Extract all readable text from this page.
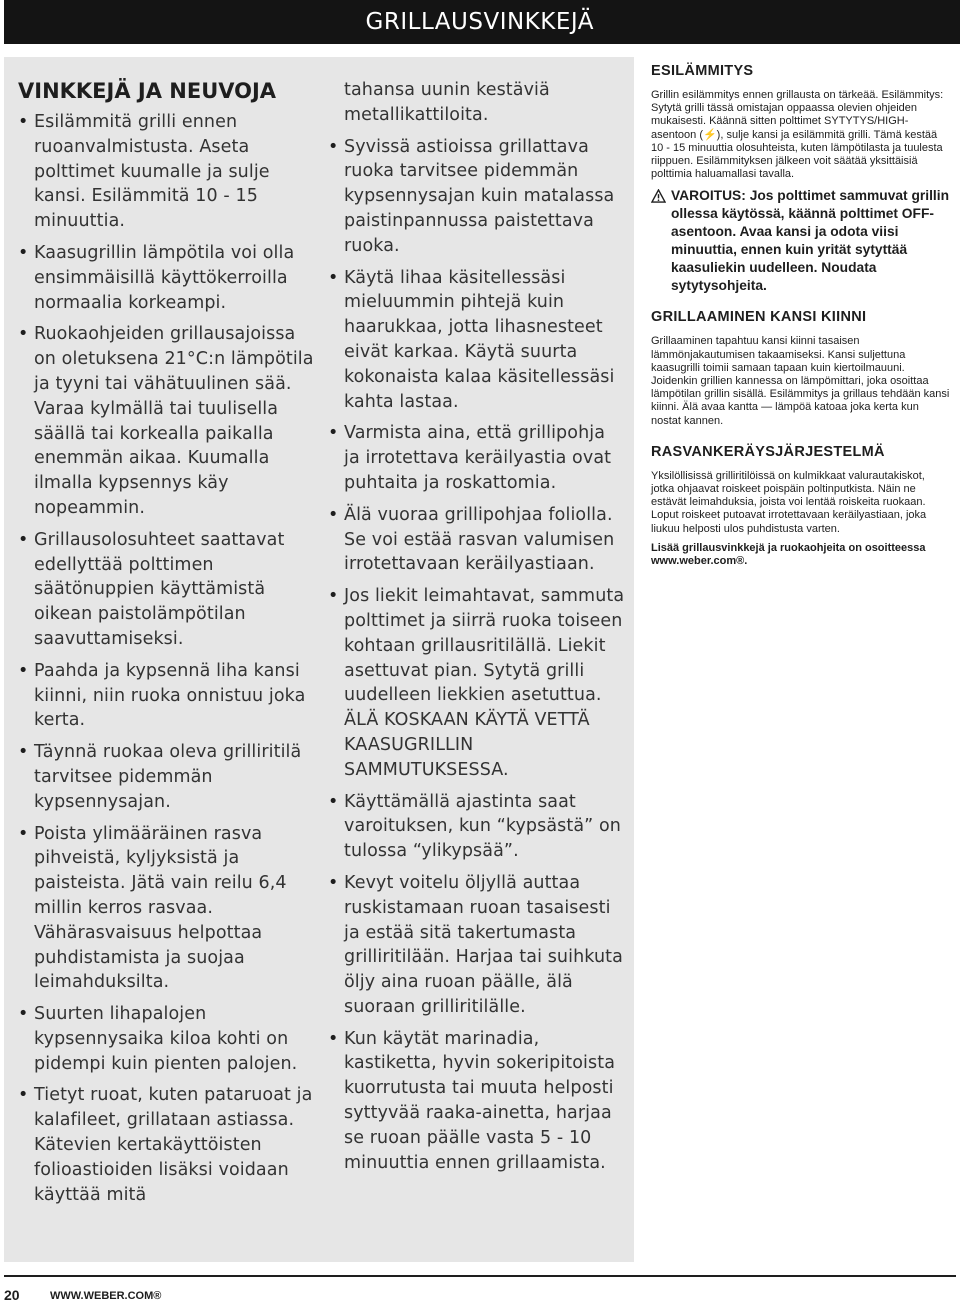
GRILLAUSVINKKEJÄ
VINKKEJÄ JA NEUVOJA
• Esilämmitä grilli ennen ruoanvalmistusta. Aseta polttimet kuumalle ja sulje kansi. Esilämmitä 10 - 15 minuuttia.
• Kaasugrillin lämpötila voi olla ensimmäisillä käyttökerroilla normaalia korkeampi.
• Ruokaohjeiden grillausajoissa on oletuksena 21°C:n lämpötila ja tyyni tai vähätuulinen sää. Varaa kylmällä tai tuulisella säällä tai korkealla paikalla enemmän aikaa. Kuumalla ilmalla kypsennys käy nopeammin.
• Grillausolosuhteet saattavat edellyttää polttimen säätönuppien käyttämistä oikean paistolämpötilan saavuttamiseksi.
• Paahda ja kypsennä liha kansi kiinni, niin ruoka onnistuu joka kerta.
• Täynnä ruokaa oleva grilliritilä tarvitsee pidemmän kypsennysajan.
• Poista ylimääräinen rasva pihveistä, kyljyksistä ja paisteista. Jätä vain reilu 6,4 millin kerros rasvaa. Vähärasvaisuus helpottaa puhdistamista ja suojaa leimahduksilta.
• Suurten lihapalojen kypsennysaika kiloa kohti on pidempi kuin pienten palojen.
• Tietyt ruoat, kuten pataruoat ja kalafileet, grillataan astiassa. Kätevien kertakäyttöisten folioastioiden lisäksi voidaan käyttää mitä
tahansa uunin kestäviä metallikattiloita.
• Syvissä astioissa grillattava ruoka tarvitsee pidemmän kypsennysajan kuin matalassa paistinpannussa paistettava ruoka.
• Käytä lihaa käsitellessäsi mieluummin pihtejä kuin haarukkaa, jotta lihasnesteet eivät karkaa. Käytä suurta kokonaista kalaa käsitellessäsi kahta lastaa.
• Varmista aina, että grillipohja ja irrotettava keräilyastia ovat puhtaita ja roskattomia.
• Älä vuoraa grillipohjaa foliolla. Se voi estää rasvan valumisen irrotettavaan keräilyastiaan.
• Jos liekit leimahtavat, sammuta polttimet ja siirrä ruoka toiseen kohtaan grillausritilällä. Liekit asettuvat pian. Sytytä grilli uudelleen liekkien asetuttua. ÄLÄ KOSKAAN KÄYTÄ VETTÄ KAASUGRILLIN SAMMUTUKSESSA.
• Käyttämällä ajastinta saat varoituksen, kun “kypsästä” on tulossa “ylikypsää”.
• Kevyt voitelu öljyllä auttaa ruskistamaan ruoan tasaisesti ja estää sitä takertumasta grilliritilään. Harjaa tai suihkuta öljy aina ruoan päälle, älä suoraan grilliritilälle.
• Kun käytät marinadia, kastiketta, hyvin sokeripitoista kuorrutusta tai muuta helposti syttyvää raaka-ainetta, harjaa se ruoan päälle vasta 5 - 10 minuuttia ennen grillaamista.
ESILÄMMITYS

Grillin esilämmitys ennen grillausta on tärkeää. Esilämmitys: Sytytä grilli tässä omistajan oppaassa olevien ohjeiden mukaisesti. Käännä sitten polttimet SYTYTYS/HIGH-asentoon (⚡), sulje kansi ja esilämmitä grilli. Tämä kestää 10 - 15 minuuttia olosuhteista, kuten lämpötilasta ja tuulesta riippuen. Esilämmityksen jälkeen voit säätää yksittäisiä polttimia haluamallasi tavalla.

VAROITUS: Jos polttimet sammuvat grillin ollessa käytössä, käännä polttimet OFF-asentoon. Avaa kansi ja odota viisi minuuttia, ennen kuin yrität sytyttää kaasuliekin uudelleen. Noudata sytytysohjeita.
GRILLAAMINEN KANSI KIINNI

Grillaaminen tapahtuu kansi kiinni tasaisen lämmönjakautumisen takaamiseksi. Kansi suljettuna kaasugrilli toimii samaan tapaan kuin kiertoilmauuni. Joidenkin grillien kannessa on lämpömittari, joka osoittaa lämpötilan grillin sisällä. Esilämmitys ja grillaus tehdään kansi kiinni. Älä avaa kantta — lämpöä katoaa joka kerta kun nostat kannen.

RASVANKERÄYSJÄRJESTELMÄ

Yksilöllisissä grilliritilöissä on kulmikkaat valurautakiskot, jotka ohjaavat roiskeet poispäin poltinputkista. Näin ne estävät leimahduksia, joista voi lentää roiskeita ruokaan. Loput roiskeet putoavat irrotettavaan keräilyastiaan, joka liukuu helposti ulos puhdistusta varten.

Lisää grillausvinkkejä ja ruokaohjeita on osoitteessa www.weber.com®.

20	WWW.WEBER.COM®
